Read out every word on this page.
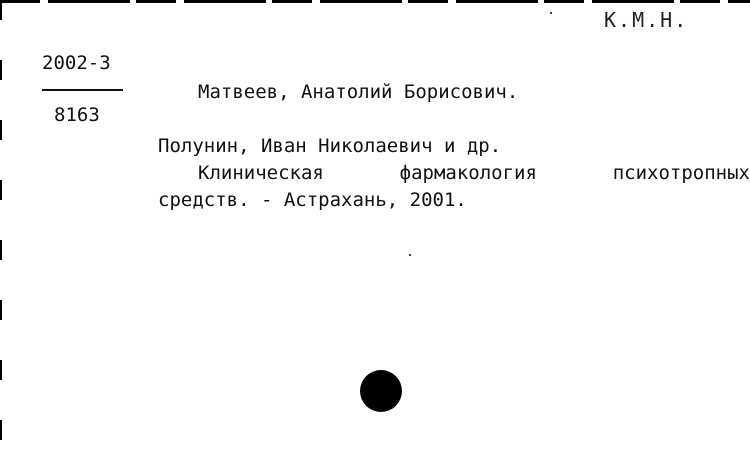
К.М.Н.
2002-3
8163
Матвеев, Анатолий Борисович.
Полунин, Иван Николаевич и др.
Клиническая	фармакология	психотропных
средств. - Астрахань, 2001.
